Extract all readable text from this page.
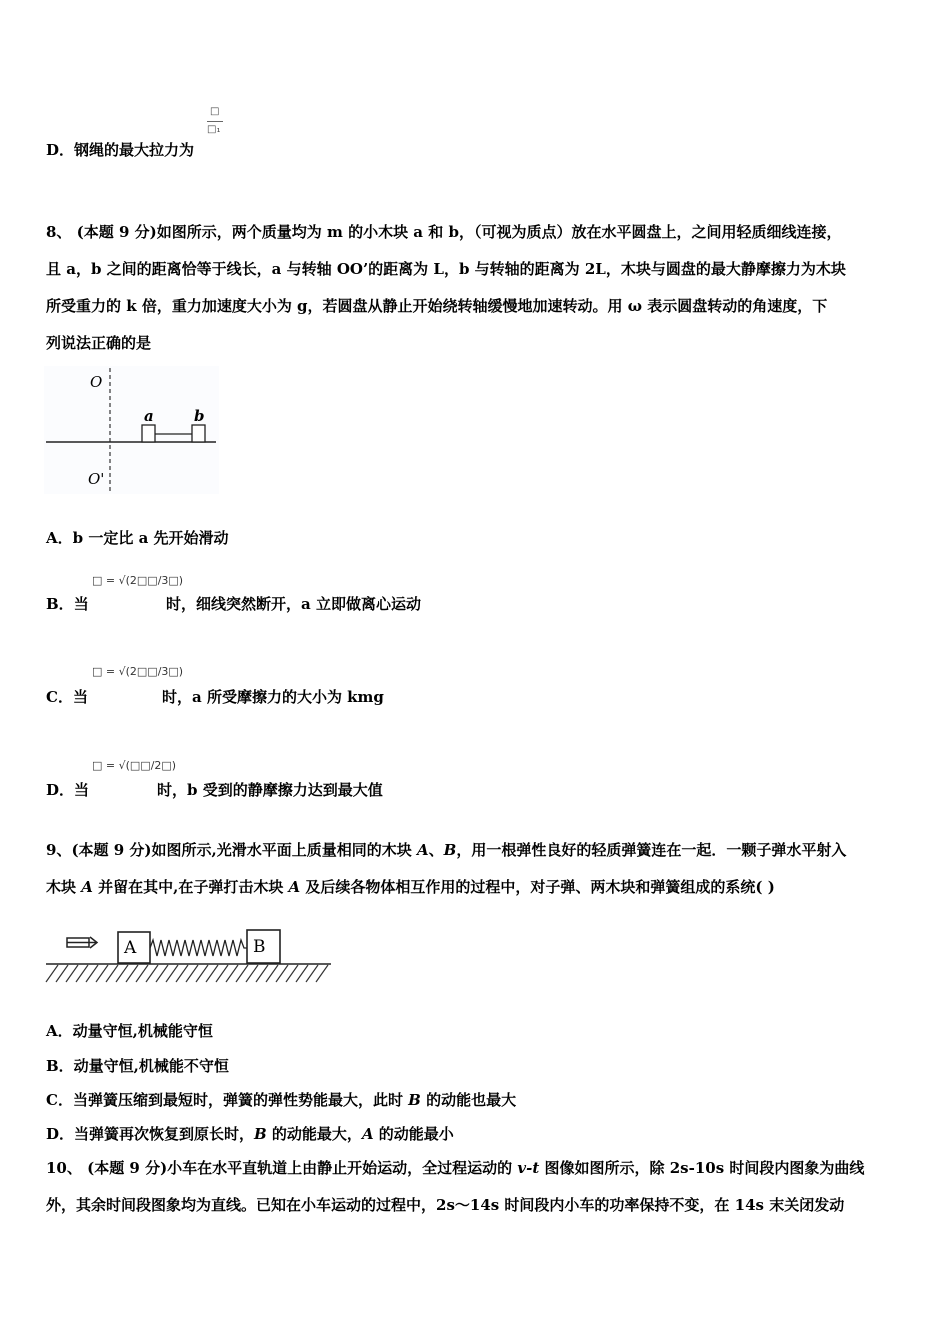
□
□₁
D．钢绳的最大拉力为
8、 (本题 9 分)如图所示，两个质量均为 m 的小木块 a 和 b，（可视为质点）放在水平圆盘上，之间用轻质细线连接，
且 a，b 之间的距离恰等于线长，a 与转轴 OO’的距离为 L，b 与转轴的距离为 2L，木块与圆盘的最大静摩擦力为木块
所受重力的 k 倍，重力加速度大小为 g，若圆盘从静止开始绕转轴缓慢地加速转动。用 ω 表示圆盘转动的角速度，下
列说法正确的是
O
O'
a	b
A．b 一定比 a 先开始滑动
B．当
□ = √(2□□/3□)
时，细线突然断开，a 立即做离心运动
C．当
□ = √(2□□/3□)
时，a 所受摩擦力的大小为 kmg
D．当
□ = √(□□/2□)
时，b 受到的静摩擦力达到最大值
9、(本题 9 分)如图所示,光滑水平面上质量相同的木块 A、B，用一根弹性良好的轻质弹簧连在一起．一颗子弹水平射入
木块 A 并留在其中,在子弹打击木块 A 及后续各物体相互作用的过程中，对子弹、两木块和弹簧组成的系统( )
A	B
A．动量守恒,机械能守恒
B．动量守恒,机械能不守恒
C．当弹簧压缩到最短时，弹簧的弹性势能最大，此时 B 的动能也最大
D．当弹簧再次恢复到原长时，B 的动能最大，A 的动能最小
10、 (本题 9 分)小车在水平直轨道上由静止开始运动，全过程运动的 v-t 图像如图所示，除 2s-10s 时间段内图象为曲线
外，其余时间段图象均为直线。已知在小车运动的过程中，2s～14s 时间段内小车的功率保持不变，在 14s 末关闭发动
